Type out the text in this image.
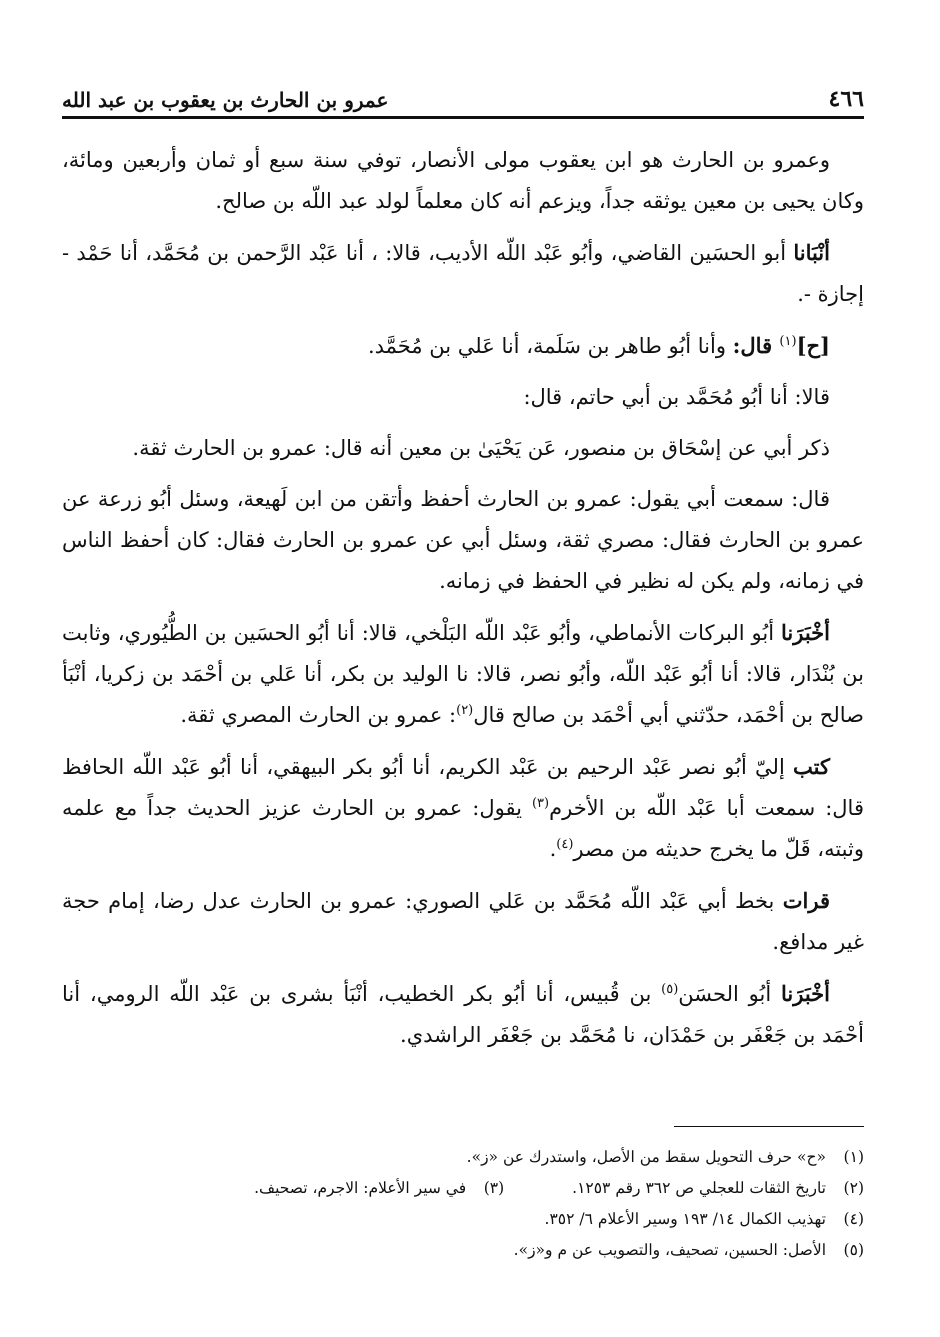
٤٦٦
عمرو بن الحارث بن يعقوب بن عبد الله

وعمرو بن الحارث هو ابن يعقوب مولى الأنصار، توفي سنة سبع أو ثمان وأربعين ومائة، وكان يحيى بن معين يوثقه جداً، ويزعم أنه كان معلماً لولد عبد اللّه بن صالح.

أنْبَانا أبو الحسَين القاضي، وأبُو عَبْد اللّه الأديب، قالا: ، أنا عَبْد الرَّحمن بن مُحَمَّد، أنا حَمْد - إجازة -.

[ح]$^{(١)}$ قال: وأنا أبُو طاهر بن سَلَمة، أنا عَلي بن مُحَمَّد.

قالا: أنا أبُو مُحَمَّد بن أبي حاتم، قال:

ذكر أبي عن إسْحَاق بن منصور، عَن يَحْيَىٰ بن معين أنه قال: عمرو بن الحارث ثقة.

قال: سمعت أبي يقول: عمرو بن الحارث أحفظ وأتقن من ابن لَهيعة، وسئل أبُو زرعة عن عمرو بن الحارث فقال: مصري ثقة، وسئل أبي عن عمرو بن الحارث فقال: كان أحفظ الناس في زمانه، ولم يكن له نظير في الحفظ في زمانه.

أخْبَرَنا أبُو البركات الأنماطي، وأبُو عَبْد اللّه البَلْخي، قالا: أنا أبُو الحسَين بن الطُّيُوري، وثابت بن بُنْدَار، قالا: أنا أبُو عَبْد اللّه، وأبُو نصر، قالا: نا الوليد بن بكر، أنا عَلي بن أحْمَد بن زكريا، أنْبَأ صالح بن أحْمَد، حدّثني أبي أحْمَد بن صالح قال$^{(٢)}$: عمرو بن الحارث المصري ثقة.

كتب إليّ أبُو نصر عَبْد الرحيم بن عَبْد الكريم، أنا أبُو بكر البيهقي، أنا أبُو عَبْد اللّه الحافظ قال: سمعت أبا عَبْد اللّه بن الأخرم$^{(٣)}$ يقول: عمرو بن الحارث عزيز الحديث جداً مع علمه وثبته، قَلّ ما يخرج حديثه من مصر$^{(٤)}$.

قرات بخط أبي عَبْد اللّه مُحَمَّد بن عَلي الصوري: عمرو بن الحارث عدل رضا، إمام حجة غير مدافع.

أخْبَرَنا أبُو الحسَن$^{(٥)}$ بن قُبيس، أنا أبُو بكر الخطيب، أنْبَأ بشرى بن عَبْد اللّه الرومي، أنا أحْمَد بن جَعْفَر بن حَمْدَان، نا مُحَمَّد بن جَعْفَر الراشدي.

(١)
«ح» حرف التحويل سقط من الأصل، واستدرك عن «ز».
(٢)
تاريخ الثقات للعجلي ص ٣٦٢ رقم ١٢٥٣.
(٣)
في سير الأعلام: الاجرم، تصحيف.
(٤)
تهذيب الكمال ١٤/ ١٩٣ وسير الأعلام ٦/ ٣٥٢.
(٥)
الأصل: الحسين، تصحيف، والتصويب عن م و«ز».
